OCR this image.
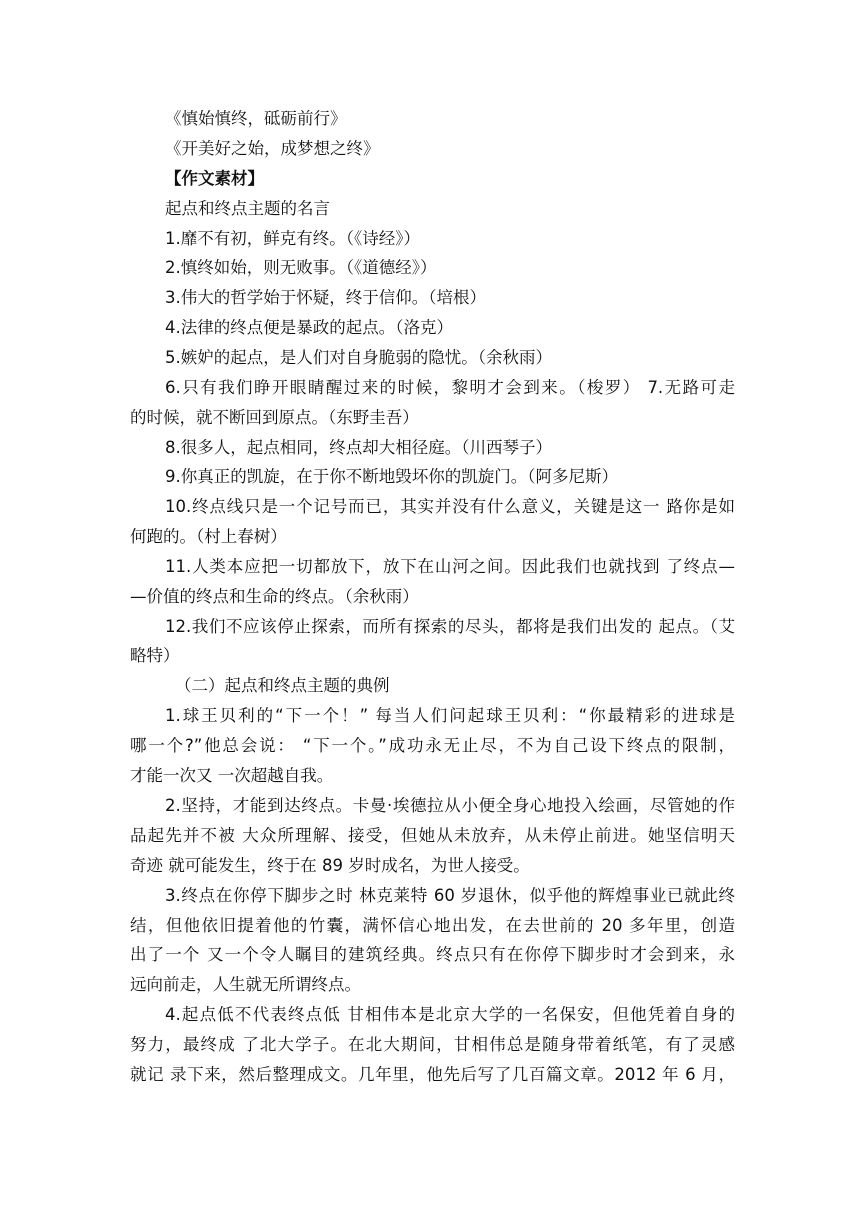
《慎始慎终，砥砺前行》
《开美好之始，成梦想之终》
【作文素材】
起点和终点主题的名言
1.靡不有初，鲜克有终。（《诗经》）
2.慎终如始，则无败事。（《道德经》）
3.伟大的哲学始于怀疑，终于信仰。（培根）
4.法律的终点便是暴政的起点。（洛克）
5.嫉妒的起点，是人们对自身脆弱的隐忧。（余秋雨）
6.只有我们睁开眼睛醒过来的时候，黎明才会到来。（梭罗） 7.无路可走
的时候，就不断回到原点。（东野圭吾）
8.很多人，起点相同，终点却大相径庭。（川西琴子）
9.你真正的凯旋，在于你不断地毁坏你的凯旋门。（阿多尼斯）
10.终点线只是一个记号而已，其实并没有什么意义，关键是这一 路你是如
何跑的。（村上春树）
11.人类本应把一切都放下，放下在山河之间。因此我们也就找到 了终点—
—价值的终点和生命的终点。（余秋雨）
12.我们不应该停止探索，而所有探索的尽头，都将是我们出发的 起点。（艾
略特）
（二）起点和终点主题的典例
1.球王贝利的“下一个！” 每当人们问起球王贝利：“你最精彩的进球是
哪一个?”他总会说： “下一个。”成功永无止尽，不为自己设下终点的限制，
才能一次又 一次超越自我。
2.坚持，才能到达终点。卡曼·埃德拉从小便全身心地投入绘画，尽管她的作
品起先并不被 大众所理解、接受，但她从未放弃，从未停止前进。她坚信明天
奇迹 就可能发生，终于在 89 岁时成名，为世人接受。
3.终点在你停下脚步之时 林克莱特 60 岁退休，似乎他的辉煌事业已就此终
结，但他依旧提着他的竹囊，满怀信心地出发，在去世前的 20 多年里，创造
出了一个 又一个令人瞩目的建筑经典。终点只有在你停下脚步时才会到来，永
远向前走，人生就无所谓终点。
4.起点低不代表终点低 甘相伟本是北京大学的一名保安，但他凭着自身的
努力，最终成 了北大学子。在北大期间，甘相伟总是随身带着纸笔，有了灵感
就记 录下来，然后整理成文。几年里，他先后写了几百篇文章。2012 年 6 月，
